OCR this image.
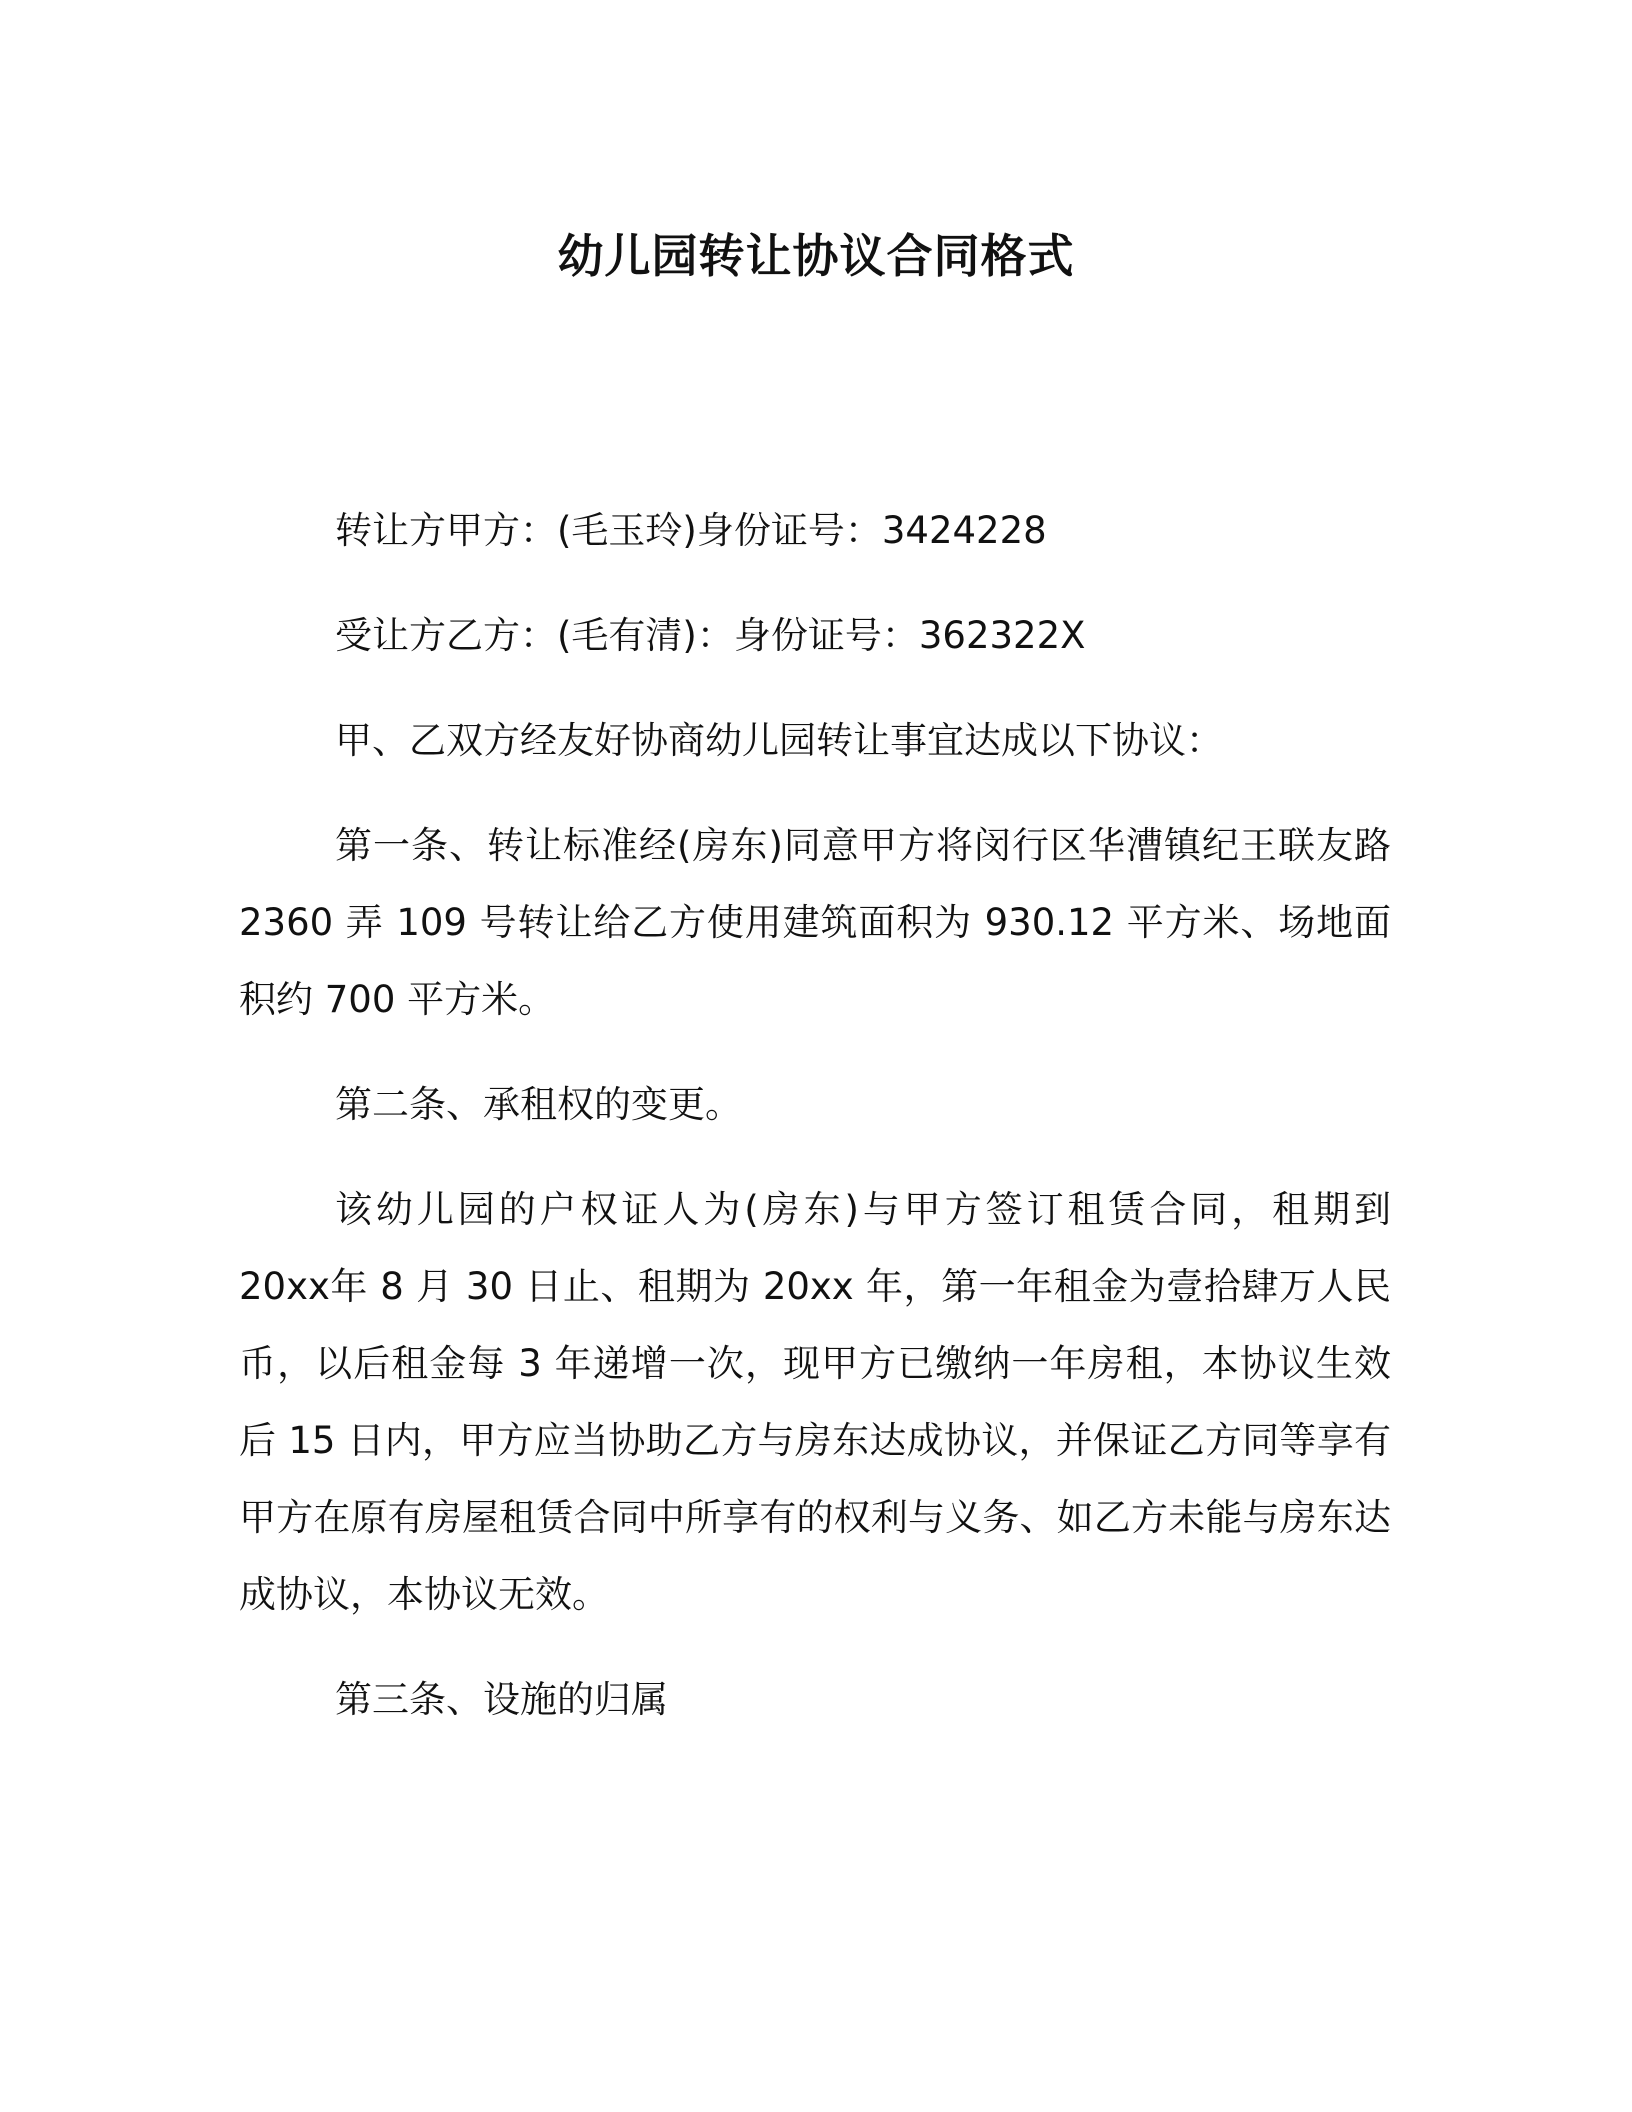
幼儿园转让协议合同格式

转让方甲方：(毛玉玲)身份证号：3424228

受让方乙方：(毛有清)：身份证号：362322X

甲、乙双方经友好协商幼儿园转让事宜达成以下协议：

第一条、转让标准经(房东)同意甲方将闵行区华漕镇纪王联友路2360 弄 109 号转让给乙方使用建筑面积为 930.12 平方米、场地面积约 700 平方米。

第二条、承租权的变更。

该幼儿园的户权证人为(房东)与甲方签订租赁合同，租期到 20xx年 8 月 30 日止、租期为 20xx 年，第一年租金为壹拾肆万人民币，以后租金每 3 年递增一次，现甲方已缴纳一年房租，本协议生效后 15 日内，甲方应当协助乙方与房东达成协议，并保证乙方同等享有甲方在原有房屋租赁合同中所享有的权利与义务、如乙方未能与房东达成协议，本协议无效。

第三条、设施的归属
